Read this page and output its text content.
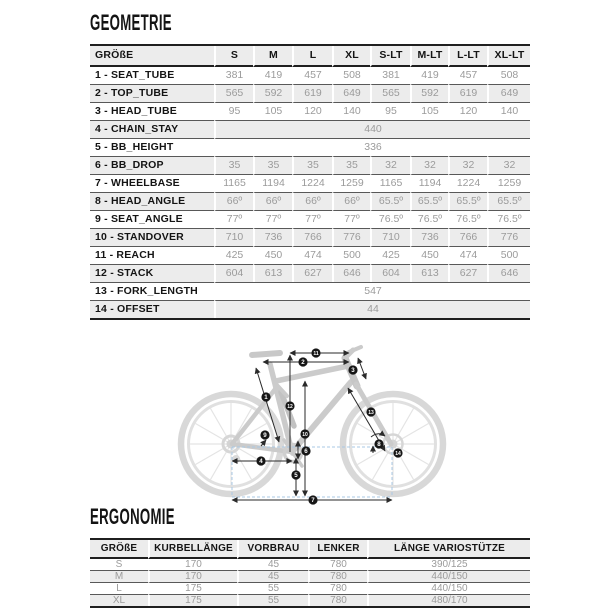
GEOMETRIE
GRÖßE	S	M	L	XL	S-LT	M-LT	L-LT	XL-LT
1 - SEAT_TUBE	381	419	457	508	381	419	457	508
2 - TOP_TUBE	565	592	619	649	565	592	619	649
3 - HEAD_TUBE	95	105	120	140	95	105	120	140
4 - CHAIN_STAY	440							
5 - BB_HEIGHT	336							
6 - BB_DROP	35	35	35	35	32	32	32	32
7 - WHEELBASE	1165	1194	1224	1259	1165	1194	1224	1259
8 - HEAD_ANGLE	66º	66º	66º	66º	65.5º	65.5º	65.5º	65.5º
9 - SEAT_ANGLE	77º	77º	77º	77º	76.5º	76.5º	76.5º	76.5º
10 - STANDOVER	710	736	766	776	710	736	766	776
11 - REACH	425	450	474	500	425	450	474	500
12 - STACK	604	613	627	646	604	613	627	646
13 - FORK_LENGTH	547							
14 - OFFSET	44							
1
2
3
4
5
6
7
8
9	10
11
12
13
14
ERGONOMIE
GRÖßE	KURBELLÄNGE	VORBRAU	LENKER	LÄNGE VARIOSTÜTZE
S	170	45	780	390/125
M	170	45	780	440/150
L	175	55	780	440/150
XL	175	55	780	480/170
